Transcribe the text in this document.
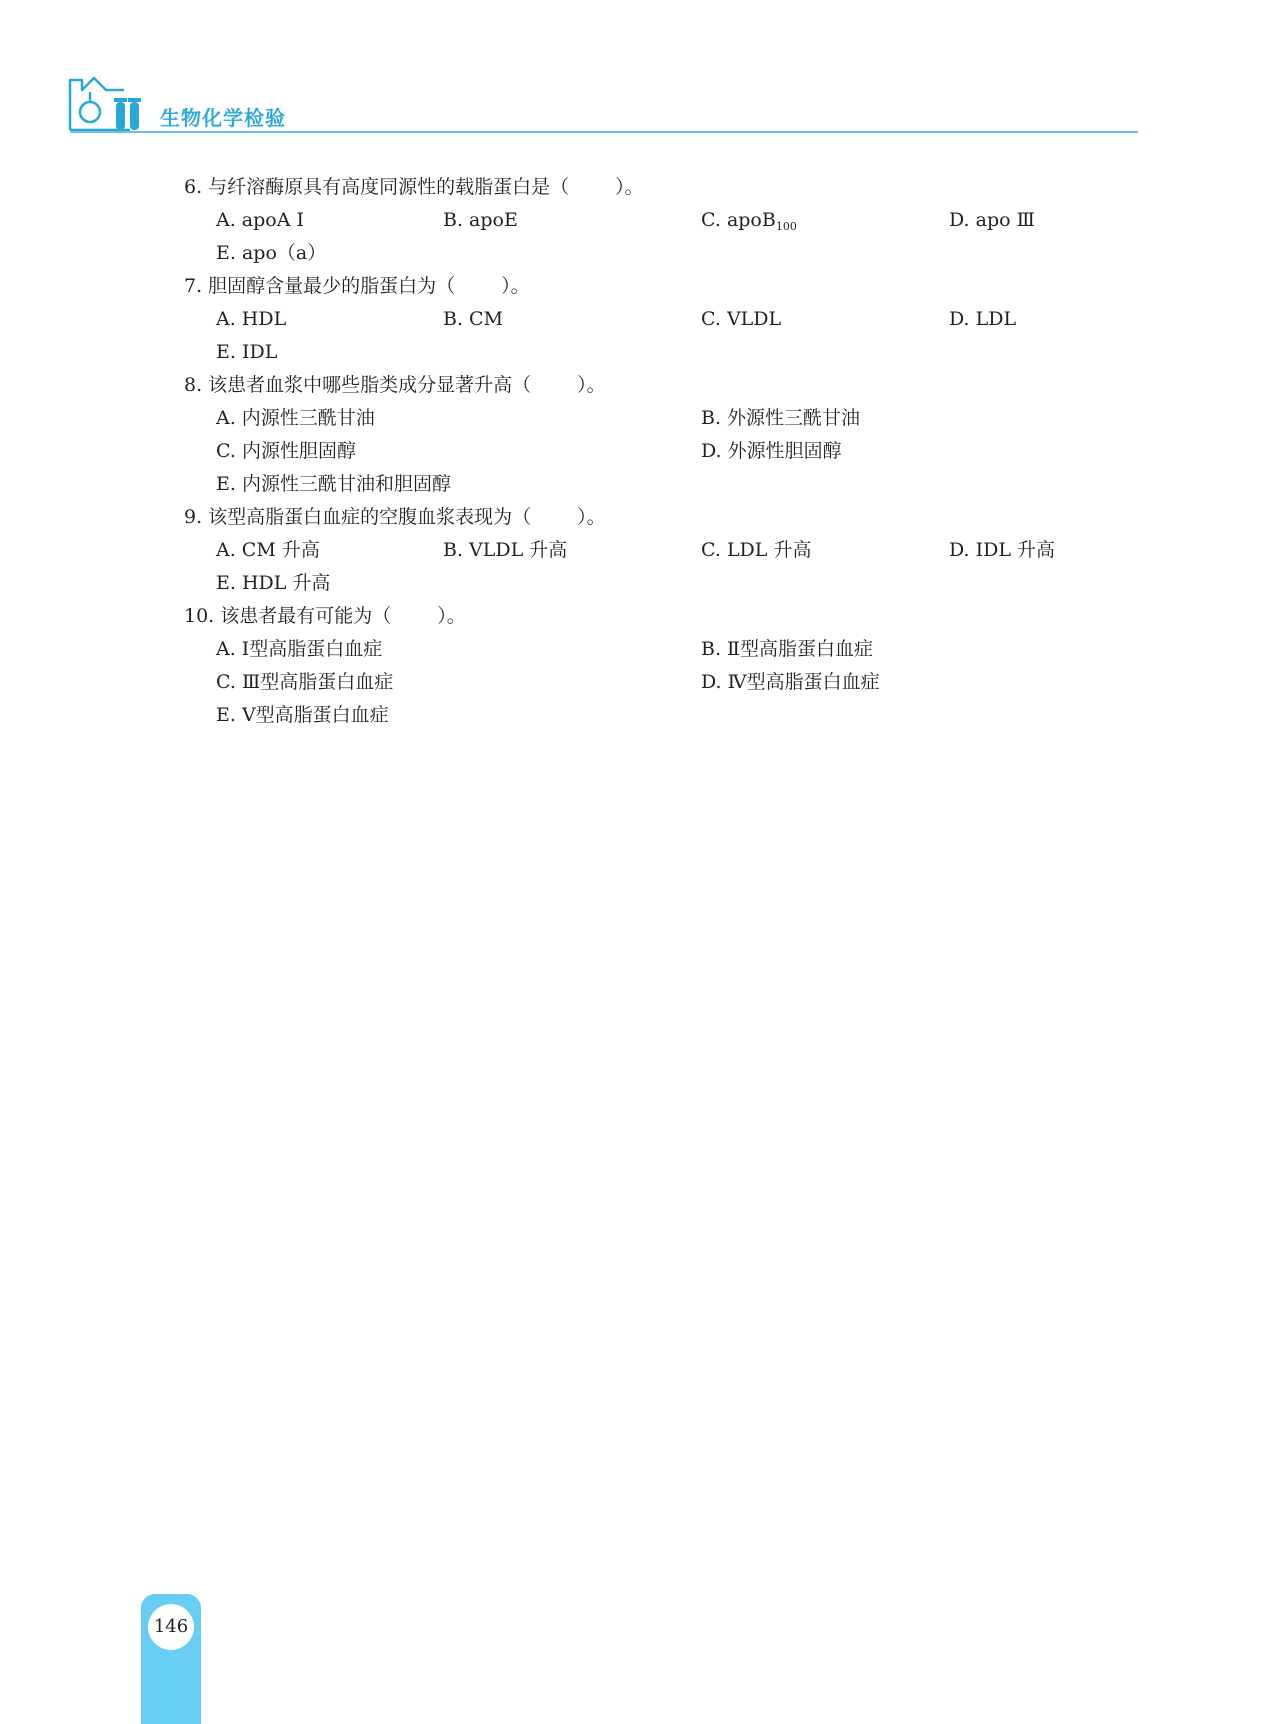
生物化学检验
6. 与纤溶酶原具有高度同源性的载脂蛋白是（ ）。
A. apoA Ⅰ	B. apoE	C. apoB$_{100}$	D. apo Ⅲ
E. apo（a）
7. 胆固醇含量最少的脂蛋白为（ ）。
A. HDL	B. CM	C. VLDL	D. LDL
E. IDL
8. 该患者血浆中哪些脂类成分显著升高（ ）。
A. 内源性三酰甘油	B. 外源性三酰甘油
C. 内源性胆固醇	D. 外源性胆固醇
E. 内源性三酰甘油和胆固醇
9. 该型高脂蛋白血症的空腹血浆表现为（ ）。
A. CM 升高	B. VLDL 升高	C. LDL 升高	D. IDL 升高
E. HDL 升高
10. 该患者最有可能为（ ）。
A. Ⅰ型高脂蛋白血症	B. Ⅱ型高脂蛋白血症
C. Ⅲ型高脂蛋白血症	D. Ⅳ型高脂蛋白血症
E. Ⅴ型高脂蛋白血症
146
